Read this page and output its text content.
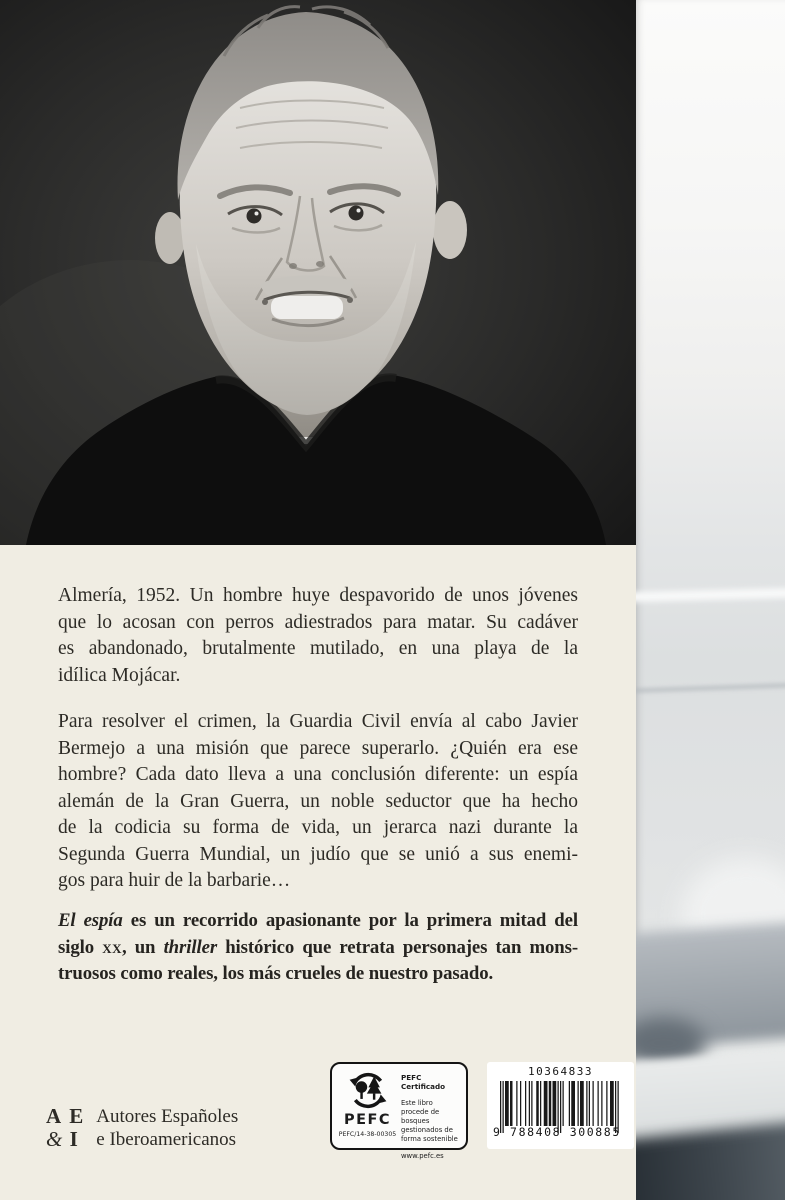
Almería, 1952. Un hombre huye despavorido de unos jóvenes
que lo acosan con perros adiestrados para matar. Su cadáver
es abandonado, brutalmente mutilado, en una playa de la
idílica Mojácar.
Para resolver el crimen, la Guardia Civil envía al cabo Javier
Bermejo a una misión que parece superarlo. ¿Quién era ese
hombre? Cada dato lleva a una conclusión diferente: un espía
alemán de la Gran Guerra, un noble seductor que ha hecho
de la codicia su forma de vida, un jerarca nazi durante la
Segunda Guerra Mundial, un judío que se unió a sus enemi-
gos para huir de la barbarie…
El espía es un recorrido apasionante por la primera mitad del
siglo xx, un thriller histórico que retrata personajes tan mons-
truosos como reales, los más crueles de nuestro pasado.
A E
& I
Autores Españoles
e Iberoamericanos
PEFC
PEFC/14-38-00305
PEFC Certificado
Este libro procede de bosques gestionados de forma sostenible
www.pefc.es
10364833
9 788408 300885
